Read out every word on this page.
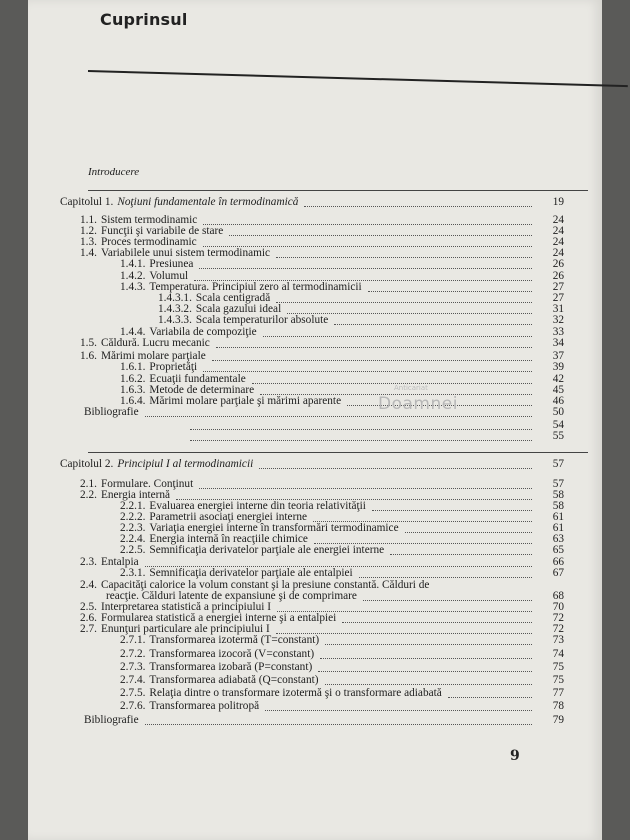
Cuprinsul
Introducere
Capitolul 1. Noţiuni fundamentale în termodinamică	19
1.1. Sistem termodinamic	24
1.2. Funcţii şi variabile de stare	24
1.3. Proces termodinamic	24
1.4. Variabilele unui sistem termodinamic	24
1.4.1. Presiunea	26
1.4.2. Volumul	26
1.4.3. Temperatura. Principiul zero al termodinamicii	27
1.4.3.1. Scala centigradă	27
1.4.3.2. Scala gazului ideal	31
1.4.3.3. Scala temperaturilor absolute	32
1.4.4. Variabila de compoziţie	33
1.5. Căldură. Lucru mecanic	34
1.6. Mărimi molare parţiale	37
1.6.1. Proprietăţi	39
1.6.2. Ecuaţii fundamentale	42
1.6.3. Metode de determinare	45
1.6.4. Mărimi molare parţiale şi mărimi aparente	46
Bibliografie	50
54
55
Capitolul 2. Principiul I al termodinamicii	57
2.1. Formulare. Conţinut	57
2.2. Energia internă	58
2.2.1. Evaluarea energiei interne din teoria relativităţii	58
2.2.2. Parametrii asociaţi energiei interne	61
2.2.3. Variaţia energiei interne în transformări termodinamice	61
2.2.4. Energia internă în reacţiile chimice	63
2.2.5. Semnificaţia derivatelor parţiale ale energiei interne	65
2.3. Entalpia	66
2.3.1. Semnificaţia derivatelor parţiale ale entalpiei	67
2.4. Capacităţi calorice la volum constant şi la presiune constantă. Călduri de
reacţie. Călduri latente de expansiune şi de comprimare	68
2.5. Interpretarea statistică a principiului I	70
2.6. Formularea statistică a energiei interne şi a entalpiei	72
2.7. Enunţuri particulare ale principiului I	72
2.7.1. Transformarea izotermă (T=constant)	73
2.7.2. Transformarea izocoră (V=constant)	74
2.7.3. Transformarea izobară (P=constant)	75
2.7.4. Transformarea adiabată (Q=constant)	75
2.7.5. Relaţia dintre o transformare izotermă şi o transformare adiabată	77
2.7.6. Transformarea politropă	78
Bibliografie	79
Anticariat
Doamnei
9
